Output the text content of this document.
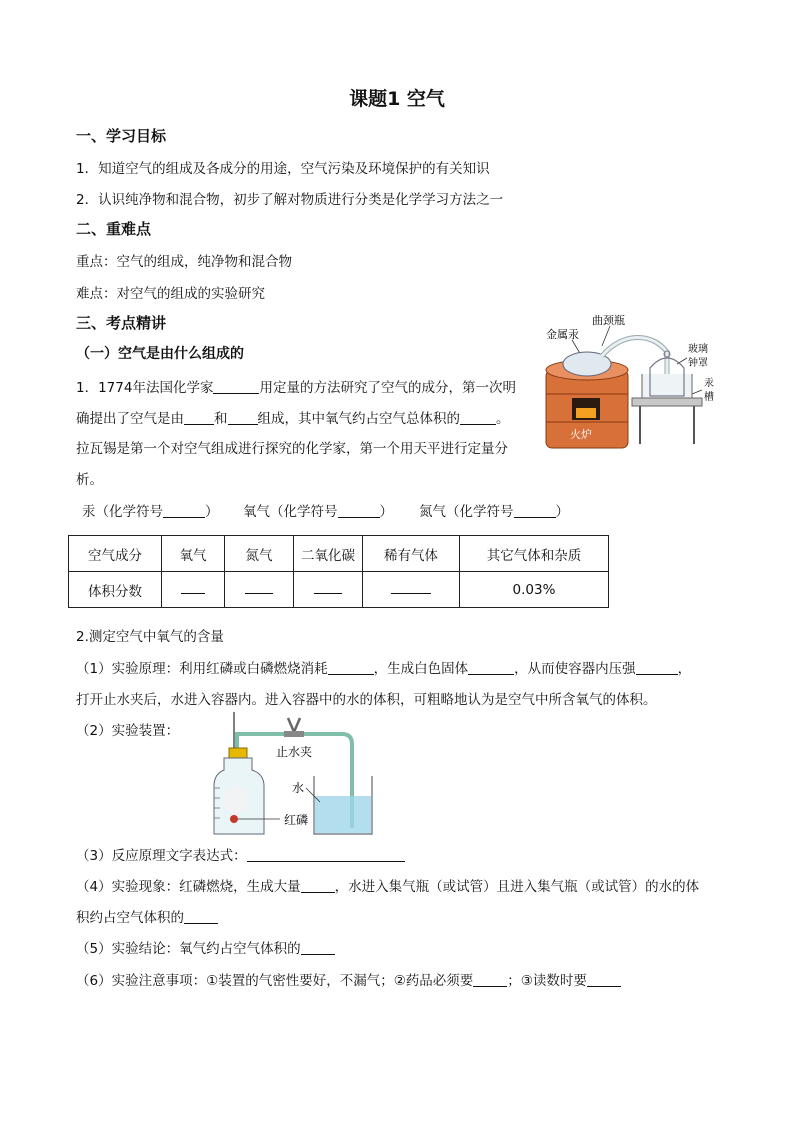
课题1 空气
一、学习目标
1．知道空气的组成及各成分的用途，空气污染及环境保护的有关知识
2．认识纯净物和混合物，初步了解对物质进行分类是化学学习方法之一
二、重难点
重点：空气的组成，纯净物和混合物
难点：对空气的组成的实验研究
三、考点精讲
（一）空气是由什么组成的
1．1774年法国化学家	用定量的方法研究了空气的成分，第一次明
确提出了空气是由 和 组成，其中氧气约占空气总体积的	。
拉瓦锡是第一个对空气组成进行探究的化学家，第一个用天平进行定量分
析。
汞（化学符号	） 氧气（化学符号	） 氮气（化学符号	）
金属汞
曲颈瓶
玻璃
钟罩
汞
槽
火炉
空气成分	氧气	氮气	二氧化碳	稀有气体	其它气体和杂质
体积分数					0.03%
2.测定空气中氧气的含量
（1）实验原理：利用红磷或白磷燃烧消耗	，生成白色固体	，从而使容器内压强	，
打开止水夹后，水进入容器内。进入容器中的水的体积，可粗略地认为是空气中所含氧气的体积。
（2）实验装置：
止水夹
红磷
水
（3）反应原理文字表达式：
（4）实验现象：红磷燃烧，生成大量	，水进入集气瓶（或试管）且进入集气瓶（或试管）的水的体
积约占空气体积的
（5）实验结论：氧气约占空气体积的
（6）实验注意事项：①装置的气密性要好，不漏气；②药品必须要	；③读数时要
